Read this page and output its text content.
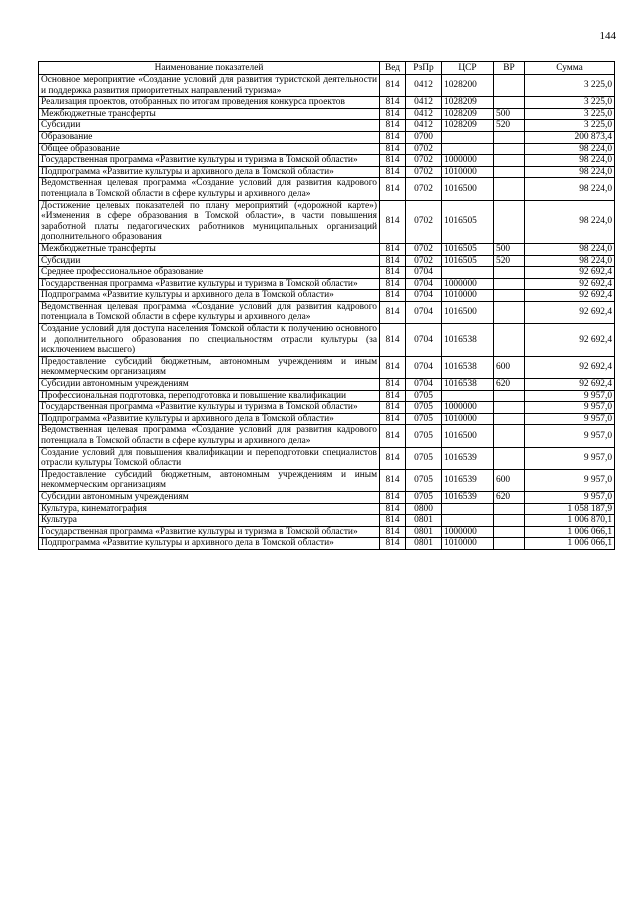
144
Наименование показателей	Вед	РзПр	ЦСР	ВР	Сумма
Основное мероприятие «Создание условий для развития туристской деятельности и поддержка развития приоритетных направлений туризма»	814	0412	1028200		3 225,0
Реализация проектов, отобранных по итогам проведения конкурса проектов	814	0412	1028209		3 225,0
Межбюджетные трансферты	814	0412	1028209	500	3 225,0
Субсидии	814	0412	1028209	520	3 225,0
Образование	814	0700			200 873,4
Общее образование	814	0702			98 224,0
Государственная программа «Развитие культуры и туризма в Томской области»	814	0702	1000000		98 224,0
Подпрограмма «Развитие культуры и архивного дела в Томской области»	814	0702	1010000		98 224,0
Ведомственная целевая программа «Создание условий для развития кадрового потенциала в Томской области в сфере культуры и архивного дела»	814	0702	1016500		98 224,0
Достижение целевых показателей по плану мероприятий («дорожной карте») «Изменения в сфере образования в Томской области», в части повышения заработной платы педагогических работников муниципальных организаций дополнительного образования	814	0702	1016505		98 224,0
Межбюджетные трансферты	814	0702	1016505	500	98 224,0
Субсидии	814	0702	1016505	520	98 224,0
Среднее профессиональное образование	814	0704			92 692,4
Государственная программа «Развитие культуры и туризма в Томской области»	814	0704	1000000		92 692,4
Подпрограмма «Развитие культуры и архивного дела в Томской области»	814	0704	1010000		92 692,4
Ведомственная целевая программа «Создание условий для развития кадрового потенциала в Томской области в сфере культуры и архивного дела»	814	0704	1016500		92 692,4
Создание условий для доступа населения Томской области к получению основного и дополнительного образования по специальностям отрасли культуры (за исключением высшего)	814	0704	1016538		92 692,4
Предоставление субсидий бюджетным, автономным учреждениям и иным некоммерческим организациям	814	0704	1016538	600	92 692,4
Субсидии автономным учреждениям	814	0704	1016538	620	92 692,4
Профессиональная подготовка, переподготовка и повышение квалификации	814	0705			9 957,0
Государственная программа «Развитие культуры и туризма в Томской области»	814	0705	1000000		9 957,0
Подпрограмма «Развитие культуры и архивного дела в Томской области»	814	0705	1010000		9 957,0
Ведомственная целевая программа «Создание условий для развития кадрового потенциала в Томской области в сфере культуры и архивного дела»	814	0705	1016500		9 957,0
Создание условий для повышения квалификации и переподготовки специалистов отрасли культуры Томской области	814	0705	1016539		9 957,0
Предоставление субсидий бюджетным, автономным учреждениям и иным некоммерческим организациям	814	0705	1016539	600	9 957,0
Субсидии автономным учреждениям	814	0705	1016539	620	9 957,0
Культура, кинематография	814	0800			1 058 187,9
Культура	814	0801			1 006 870,1
Государственная программа «Развитие культуры и туризма в Томской области»	814	0801	1000000		1 006 066,1
Подпрограмма «Развитие культуры и архивного дела в Томской области»	814	0801	1010000		1 006 066,1
